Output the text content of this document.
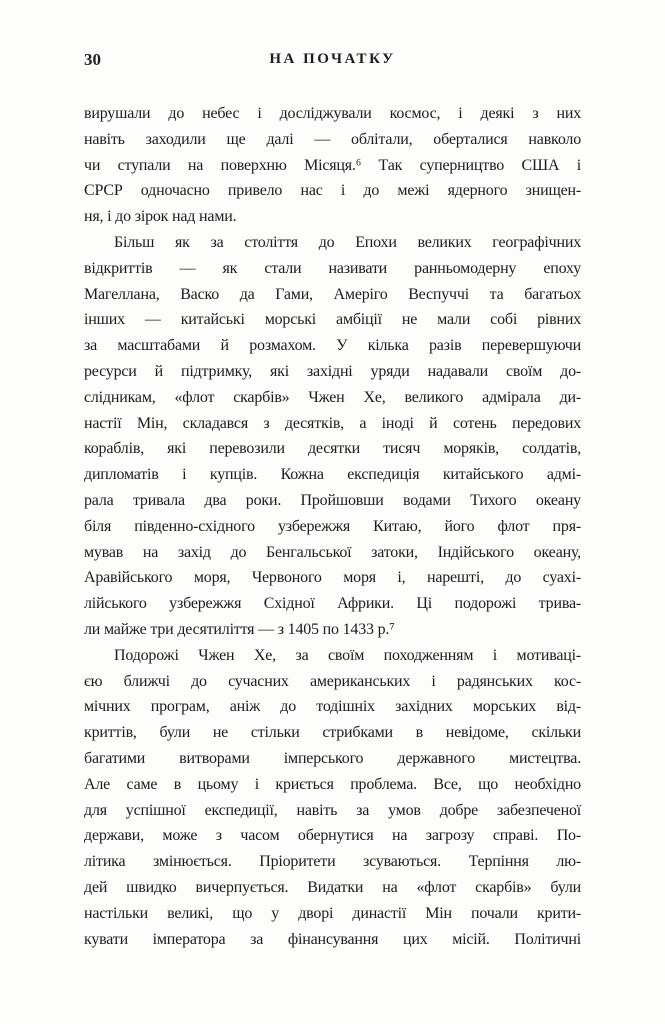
30	НА ПОЧАТКУ
вирушали до небес і досліджували космос, і деякі з них
навіть заходили ще далі — облітали, оберталися навколо
чи ступали на поверхню Місяця.⁶ Так суперництво США і
СРСР одночасно привело нас і до межі ядерного знищен-
ня, і до зірок над нами.
Більш як за століття до Епохи великих географічних
відкриттів — як стали називати ранньомодерну епоху
Магеллана, Васко да Гами, Амеріго Веспуччі та багатьох
інших — китайські морські амбіції не мали собі рівних
за масштабами й розмахом. У кілька разів перевершуючи
ресурси й підтримку, які західні уряди надавали своїм до-
слідникам, «флот скарбів» Чжен Хе, великого адмірала ди-
настії Мін, складався з десятків, а іноді й сотень передових
кораблів, які перевозили десятки тисяч моряків, солдатів,
дипломатів і купців. Кожна експедиція китайського адмі-
рала тривала два роки. Пройшовши водами Тихого океану
біля південно-східного узбережжя Китаю, його флот пря-
мував на захід до Бенгальської затоки, Індійського океану,
Аравійського моря, Червоного моря і, нарешті, до суахі-
лійського узбережжя Східної Африки. Ці подорожі трива-
ли майже три десятиліття — з 1405 по 1433 р.⁷
Подорожі Чжен Хе, за своїм походженням і мотиваці-
єю ближчі до сучасних американських і радянських кос-
мічних програм, аніж до тодішніх західних морських від-
криттів, були не стільки стрибками в невідоме, скільки
багатими витворами імперського державного мистецтва.
Але саме в цьому і криється проблема. Все, що необхідно
для успішної експедиції, навіть за умов добре забезпеченої
держави, може з часом обернутися на загрозу справі. По-
літика змінюється. Пріоритети зсуваються. Терпіння лю-
дей швидко вичерпується. Видатки на «флот скарбів» були
настільки великі, що у дворі династії Мін почали крити-
кувати імператора за фінансування цих місій. Політичні
